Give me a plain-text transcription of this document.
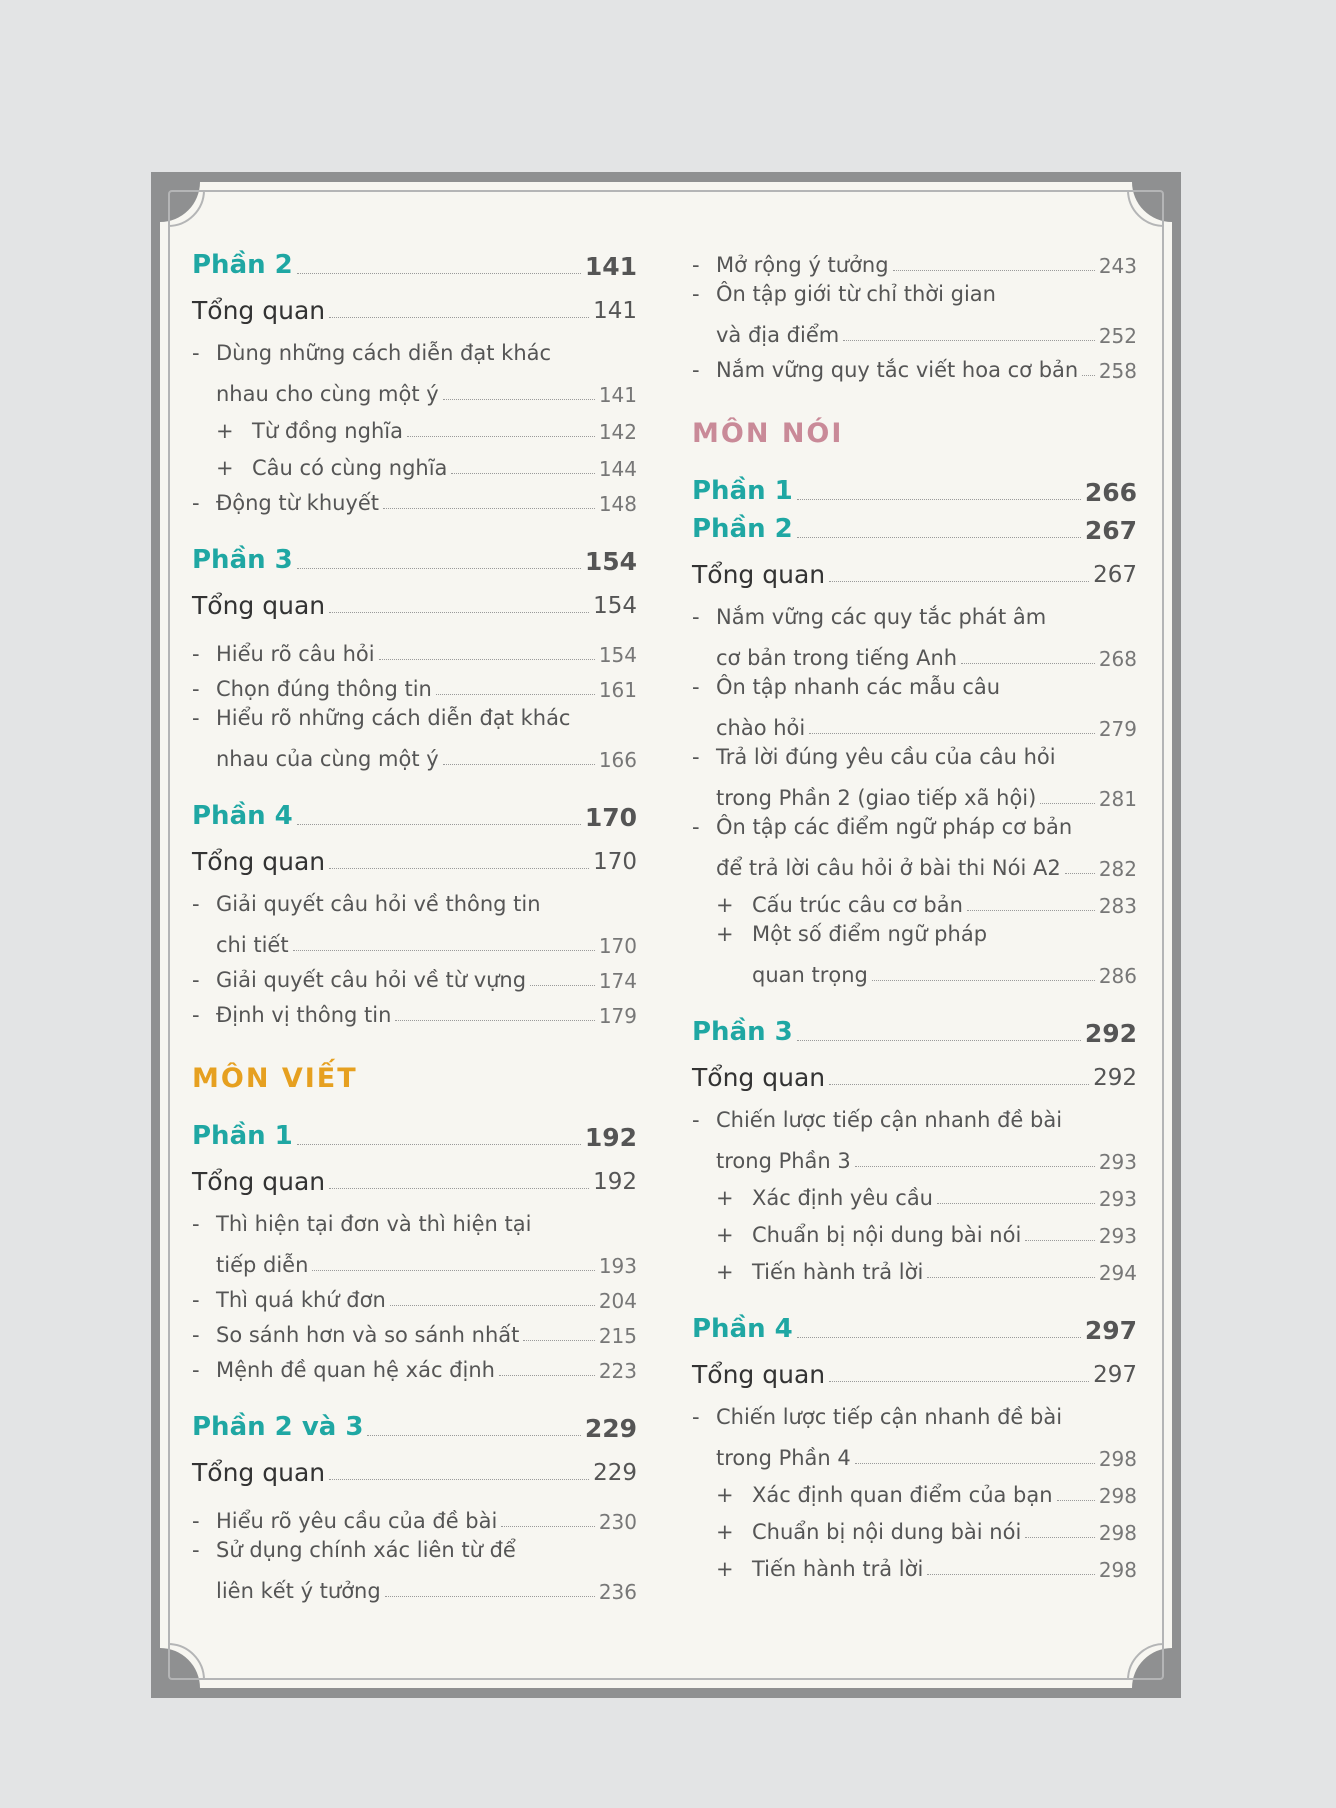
Phần 2	141
Tổng quan	141
- Dùng những cách diễn đạt khác
nhau cho cùng một ý	141
+ Từ đồng nghĩa	142
+ Câu có cùng nghĩa	144
- Động từ khuyết	148
Phần 3	154
Tổng quan	154
- Hiểu rõ câu hỏi	154
- Chọn đúng thông tin	161
- Hiểu rõ những cách diễn đạt khác
nhau của cùng một ý	166
Phần 4	170
Tổng quan	170
- Giải quyết câu hỏi về thông tin
chi tiết	170
- Giải quyết câu hỏi về từ vựng	174
- Định vị thông tin	179
MÔN VIẾT
Phần 1	192
Tổng quan	192
- Thì hiện tại đơn và thì hiện tại
tiếp diễn	193
- Thì quá khứ đơn	204
- So sánh hơn và so sánh nhất	215
- Mệnh đề quan hệ xác định	223
Phần 2 và 3	229
Tổng quan	229
- Hiểu rõ yêu cầu của đề bài	230
- Sử dụng chính xác liên từ để
liên kết ý tưởng	236
- Mở rộng ý tưởng	243
- Ôn tập giới từ chỉ thời gian
và địa điểm	252
- Nắm vững quy tắc viết hoa cơ bản 258
MÔN NÓI
Phần 1	266
Phần 2	267
Tổng quan	267
- Nắm vững các quy tắc phát âm
cơ bản trong tiếng Anh	268
- Ôn tập nhanh các mẫu câu
chào hỏi	279
- Trả lời đúng yêu cầu của câu hỏi
trong Phần 2 (giao tiếp xã hội)	281
- Ôn tập các điểm ngữ pháp cơ bản
để trả lời câu hỏi ở bài thi Nói A2 282
+ Cấu trúc câu cơ bản	283
+ Một số điểm ngữ pháp
quan trọng	286
Phần 3	292
Tổng quan	292
- Chiến lược tiếp cận nhanh đề bài
trong Phần 3	293
+ Xác định yêu cầu	293
+ Chuẩn bị nội dung bài nói	293
+ Tiến hành trả lời	294
Phần 4	297
Tổng quan	297
- Chiến lược tiếp cận nhanh đề bài
trong Phần 4	298
+ Xác định quan điểm của bạn 298
+ Chuẩn bị nội dung bài nói	298
+ Tiến hành trả lời	298
